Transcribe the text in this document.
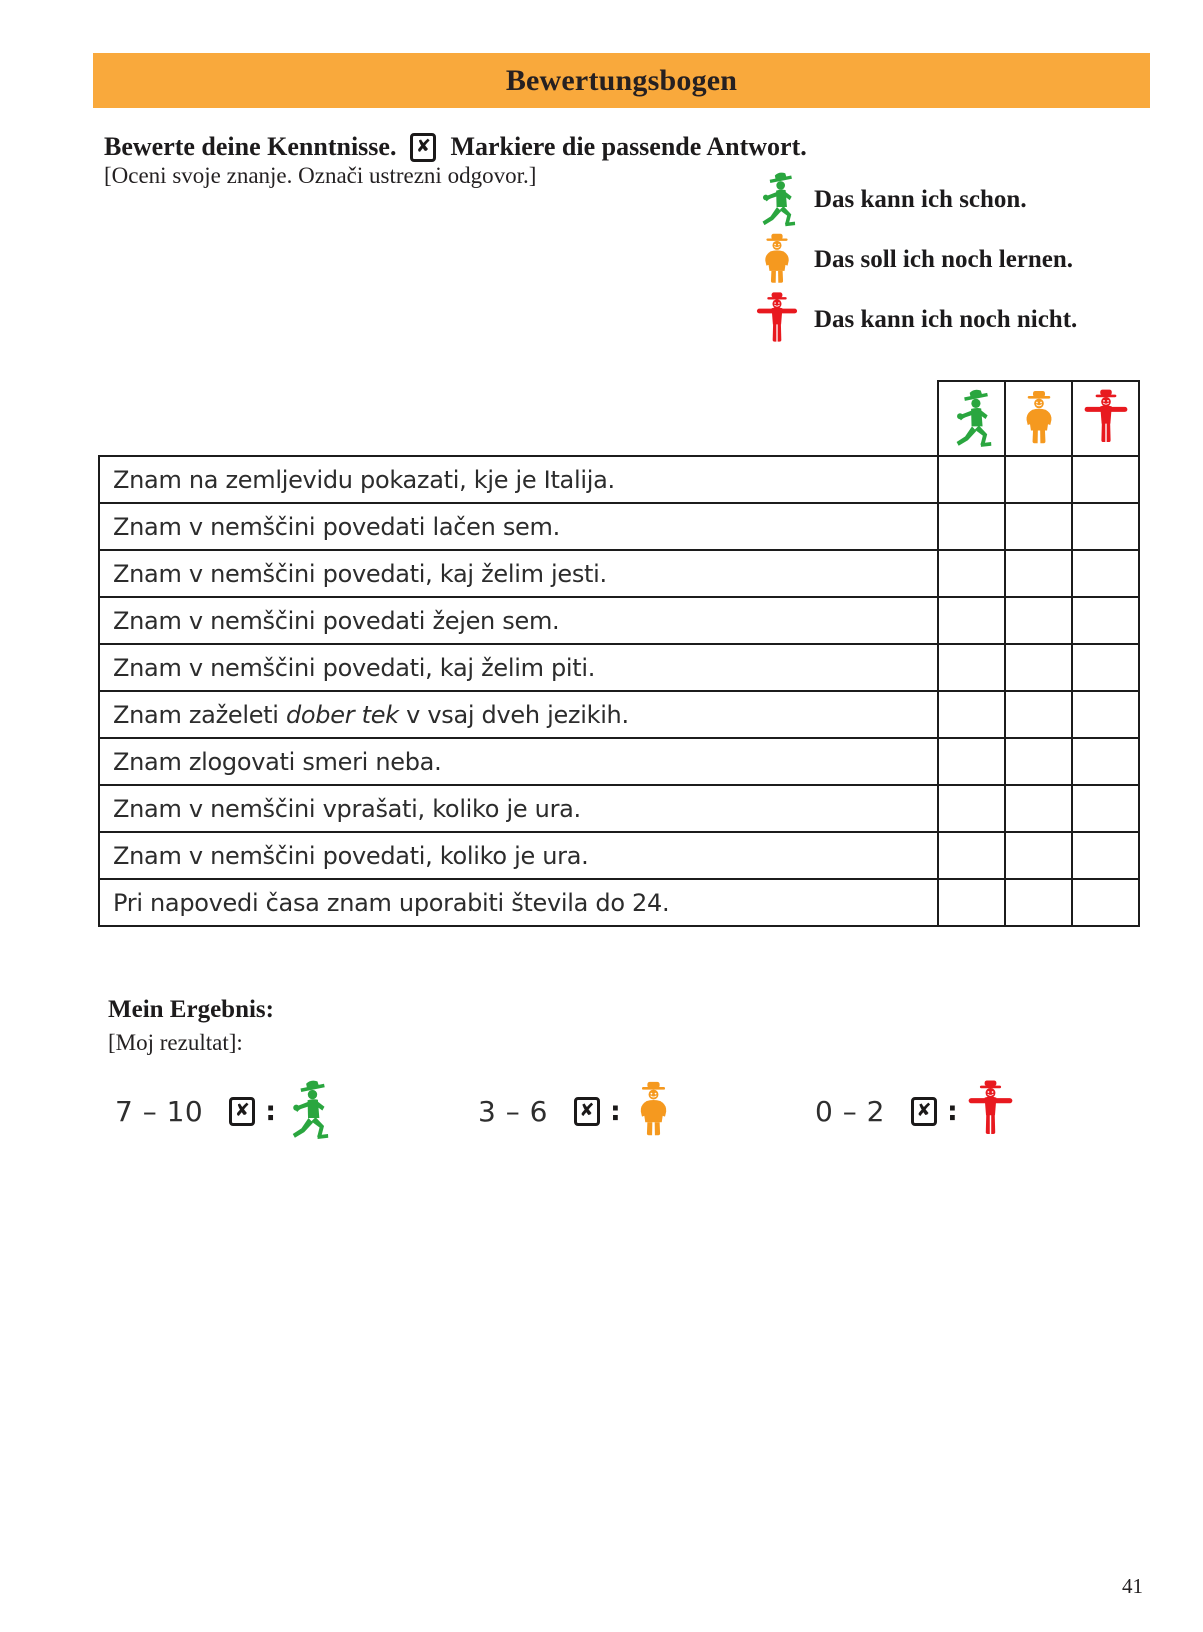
Bewertungsbogen
Bewerte deine Kenntnisse.	✘ Markiere die passende Antwort.
[Oceni svoje znanje. Označi ustrezni odgovor.]
Das kann ich schon.
Das soll ich noch lernen.
Das kann ich noch nicht.

Znam na zemljevidu pokazati, kje je Italija.			
Znam v nemščini povedati lačen sem.			
Znam v nemščini povedati, kaj želim jesti.			
Znam v nemščini povedati žejen sem.			
Znam v nemščini povedati, kaj želim piti.			
Znam zaželeti dober tek v vsaj dveh jezikih.			
Znam zlogovati smeri neba.			
Znam v nemščini vprašati, koliko je ura.			
Znam v nemščini povedati, koliko je ura.			
Pri napovedi časa znam uporabiti števila do 24.			
Mein Ergebnis:
[Moj rezultat]:
7 – 10	✘ :	3 – 6	✘ :	0 – 2	✘ :
41
